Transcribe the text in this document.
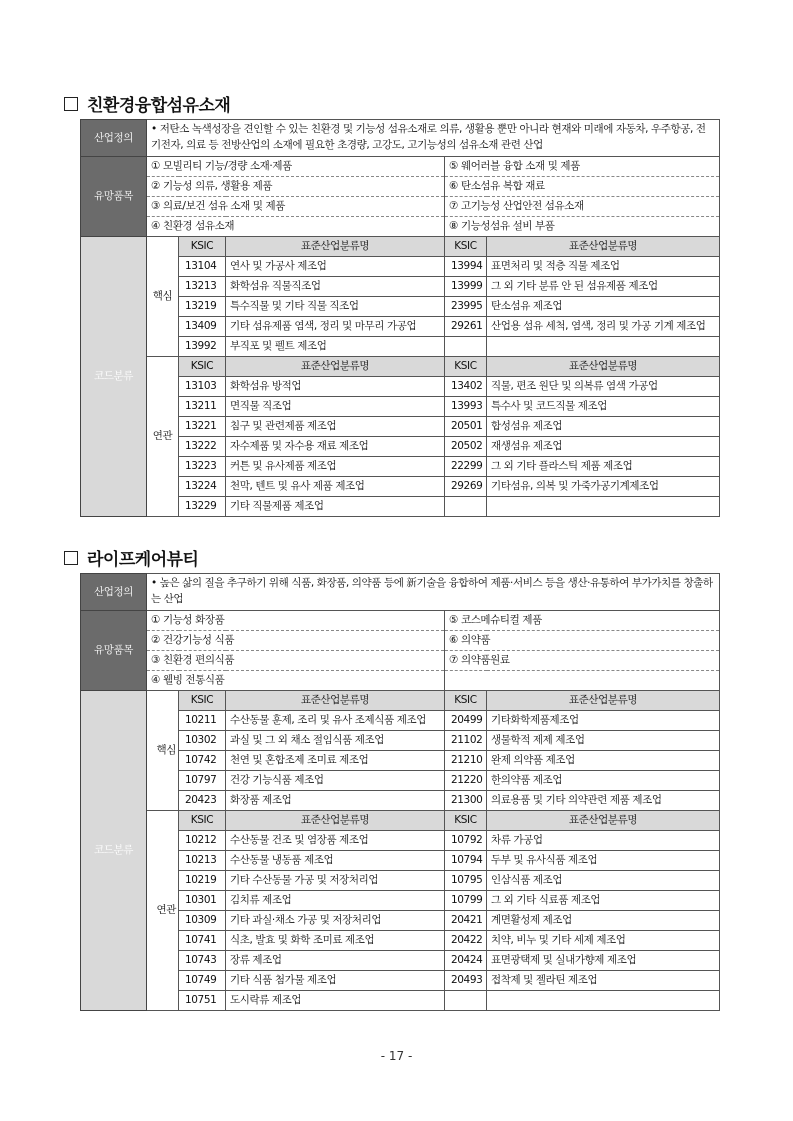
친환경융합섬유소재
산업정의	• 저탄소 녹색성장을 견인할 수 있는 친환경 및 기능성 섬유소재로 의류, 생활용 뿐만 아니라 현재와 미래에 자동차, 우주항공, 전기전자, 의료 등 전방산업의 소재에 필요한 초경량, 고강도, 고기능성의 섬유소재 관련 산업				
유망품목	① 모빌리티 기능/경량 소재·제품			⑤ 웨어러블 융합 소재 및 제품	
	② 기능성 의류, 생활용 제품			⑥ 탄소섬유 복합 재료	
	③ 의료/보건 섬유 소재 및 제품			⑦ 고기능성 산업안전 섬유소재	
	④ 친환경 섬유소재			⑧ 기능성섬유 설비 부품	
코드분류	핵심	KSIC	표준산업분류명	KSIC	표준산업분류명
		13104	연사 및 가공사 제조업	13994	표면처리 및 적층 직물 제조업
		13213	화학섬유 직물직조업	13999	그 외 기타 분류 안 된 섬유제품 제조업
		13219	특수직물 및 기타 직물 직조업	23995	탄소섬유 제조업
		13409	기타 섬유제품 염색, 정리 및 마무리 가공업	29261	산업용 섬유 세척, 염색, 정리 및 가공 기계 제조업
		13992	부직포 및 펠트 제조업		
	연관	KSIC	표준산업분류명	KSIC	표준산업분류명
		13103	화학섬유 방적업	13402	직물, 편조 원단 및 의복류 염색 가공업
		13211	면직물 직조업	13993	특수사 및 코드직물 제조업
		13221	침구 및 관련제품 제조업	20501	합성섬유 제조업
		13222	자수제품 및 자수용 재료 제조업	20502	재생섬유 제조업
		13223	커튼 및 유사제품 제조업	22299	그 외 기타 플라스틱 제품 제조업
		13224	천막, 텐트 및 유사 제품 제조업	29269	기타섬유, 의복 및 가죽가공기계제조업
		13229	기타 직물제품 제조업		
라이프케어뷰티
산업정의	• 높은 삶의 질을 추구하기 위해 식품, 화장품, 의약품 등에 新기술을 융합하여 제품·서비스 등을 생산·유통하여 부가가치를 창출하는 산업				
유망품목	① 기능성 화장품			⑤ 코스메슈티컬 제품	
	② 건강기능성 식품			⑥ 의약품	
	③ 친환경 편의식품			⑦ 의약품원료	
	④ 웰빙 전통식품				
코드분류	핵심	KSIC	표준산업분류명	KSIC	표준산업분류명
		10211	수산동물 훈제, 조리 및 유사 조제식품 제조업	20499	기타화학제품제조업
		10302	과실 및 그 외 채소 절임식품 제조업	21102	생물학적 제제 제조업
		10742	천연 및 혼합조제 조미료 제조업	21210	완제 의약품 제조업
		10797	건강 기능식품 제조업	21220	한의약품 제조업
		20423	화장품 제조업	21300	의료용품 및 기타 의약관련 제품 제조업
	연관	KSIC	표준산업분류명	KSIC	표준산업분류명
		10212	수산동물 건조 및 염장품 제조업	10792	차류 가공업
		10213	수산동물 냉동품 제조업	10794	두부 및 유사식품 제조업
		10219	기타 수산동물 가공 및 저장처리업	10795	인삼식품 제조업
		10301	김치류 제조업	10799	그 외 기타 식료품 제조업
		10309	기타 과실·채소 가공 및 저장처리업	20421	계면활성제 제조업
		10741	식초, 발효 및 화학 조미료 제조업	20422	치약, 비누 및 기타 세제 제조업
		10743	장류 제조업	20424	표면광택제 및 실내가향제 제조업
		10749	기타 식품 첨가물 제조업	20493	접착제 및 젤라틴 제조업
		10751	도시락류 제조업		
- 17 -
